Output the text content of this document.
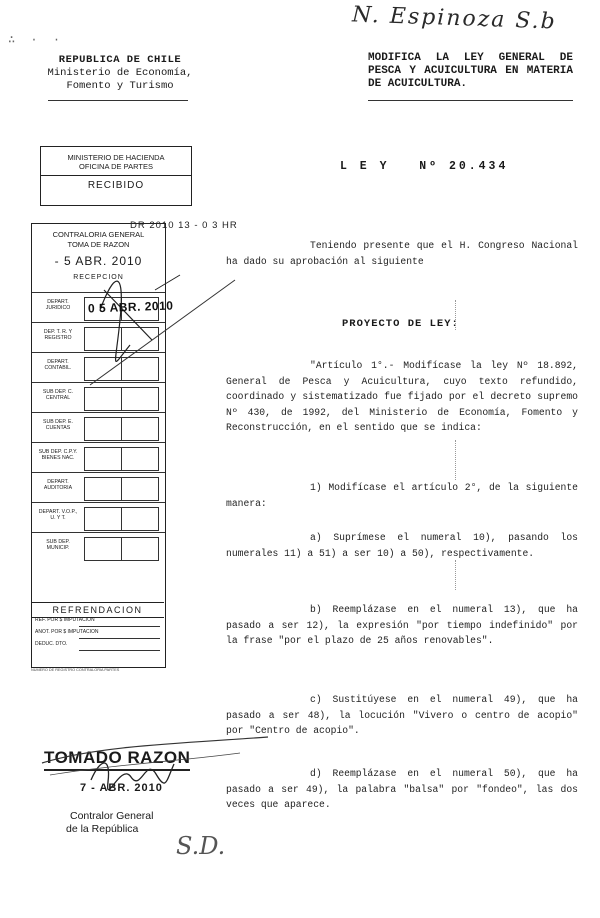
N. Espinoza S.b
∴ · ·
REPUBLICA DE CHILE
Ministerio de Economía,
Fomento y Turismo
MODIFICA LA LEY GENERAL DE PESCA Y ACUICULTURA EN MATERIA DE ACUICULTURA.
MINISTERIO DE HACIENDA
OFICINA DE PARTES
RECIBIDO
L E Y	Nº 20.434
DR 2010 13 - 0 3 HR
CONTRALORIA GENERAL
TOMA DE RAZON
- 5 ABR. 2010
RECEPCION
DEPART. JURIDICO
DEP. T. R. Y REGISTRO
DEPART. CONTABIL.
SUB DEP. C. CENTRAL
SUB DEP. E. CUENTAS
SUB DEP. C.P.Y. BIENES NAC.
DEPART. AUDITORIA
DEPART. V.O.P., U. Y T.
SUB DEP. MUNICIP.
0 5 ABR. 2010
REFRENDACION
REF. POR $ IMPUTACION
ANOT. POR $ IMPUTACION
DEDUC. DTO.
NUMERO DE REGISTRO CONTRALORIA PARTES
TOMADO RAZON
7 - ABR. 2010
Contralor General
de la República
S.D.
Teniendo presente que el H. Congreso Nacional ha dado su aprobación al siguiente
PROYECTO DE LEY:
"Artículo 1°.- Modifícase la ley Nº 18.892, General de Pesca y Acuicultura, cuyo texto refundido, coordinado y sistematizado fue fijado por el decreto supremo Nº 430, de 1992, del Ministerio de Economía, Fomento y Reconstrucción, en el sentido que se indica:
1) Modifícase el artículo 2°, de la siguiente manera:
a) Suprímese el numeral 10), pasando los numerales 11) a 51) a ser 10) a 50), respectivamente.
b) Reemplázase en el numeral 13), que ha pasado a ser 12), la expresión "por tiempo indefinido" por la frase "por el plazo de 25 años renovables".
c) Sustitúyese en el numeral 49), que ha pasado a ser 48), la locución "Vivero o centro de acopio" por "Centro de acopio".
d) Reemplázase en el numeral 50), que ha pasado a ser 49), la palabra "balsa" por "fondeo", las dos veces que aparece.
